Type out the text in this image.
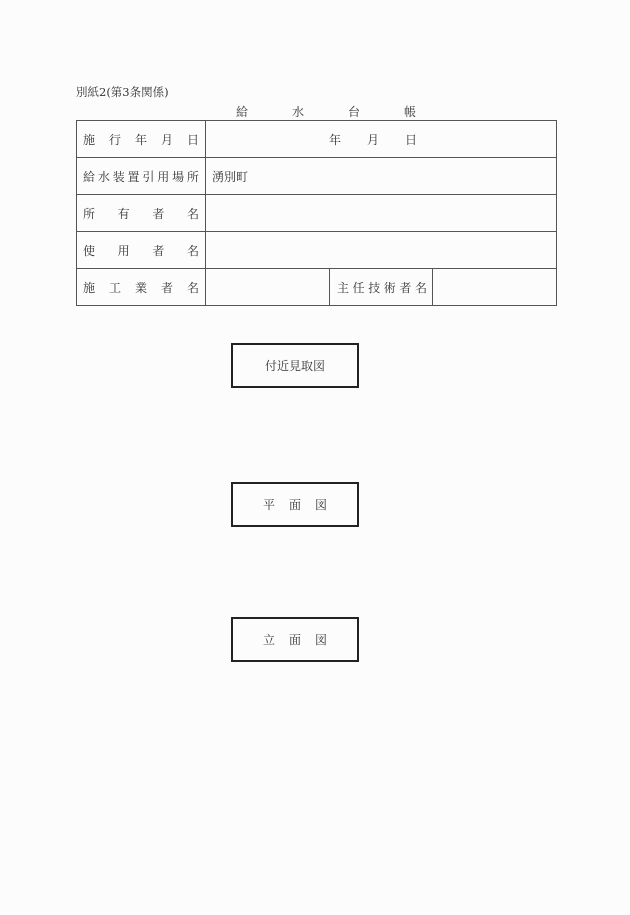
別紙2(第3条関係)
給	水	台	帳
施 行 年 月 日	年 月 日		

給 水 装 置 引 用 場 所	湧別町

所 有 者 名			

使 用 者 名			

施 工 業 者 名		主 任 技 術 者 名

付近見取図
平 面 図
立 面 図
